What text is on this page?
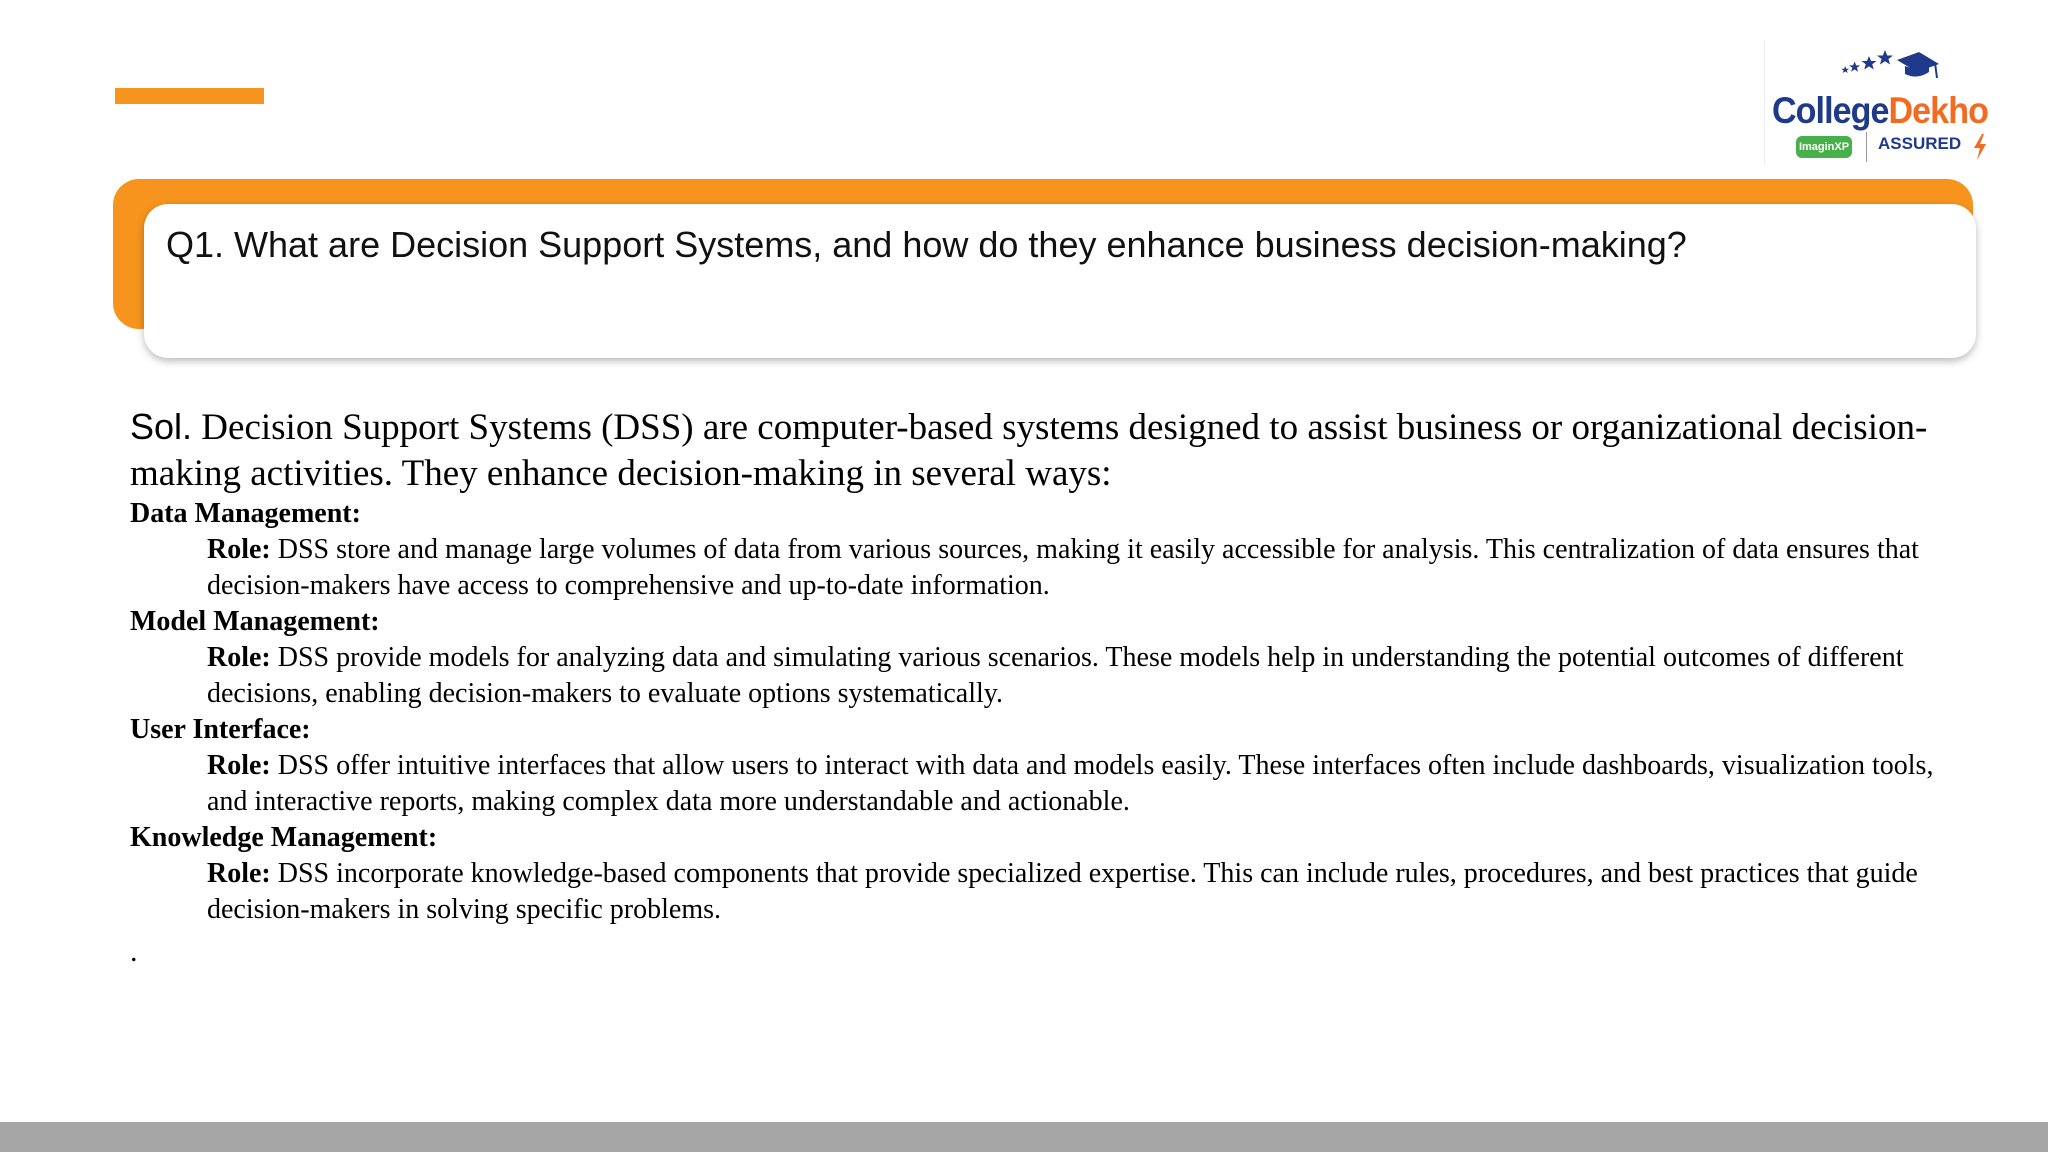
CollegeDekho
ImaginXP ASSURED
Q1. What are Decision Support Systems, and how do they enhance business decision-making?
Sol. Decision Support Systems (DSS) are computer-based systems designed to assist business or organizational decision-making activities. They enhance decision-making in several ways:
Data Management:
Role: DSS store and manage large volumes of data from various sources, making it easily accessible for analysis. This centralization of data ensures that decision-makers have access to comprehensive and up-to-date information.
Model Management:
Role: DSS provide models for analyzing data and simulating various scenarios. These models help in understanding the potential outcomes of different decisions, enabling decision-makers to evaluate options systematically.
User Interface:
Role: DSS offer intuitive interfaces that allow users to interact with data and models easily. These interfaces often include dashboards, visualization tools, and interactive reports, making complex data more understandable and actionable.
Knowledge Management:
Role: DSS incorporate knowledge-based components that provide specialized expertise. This can include rules, procedures, and best practices that guide decision-makers in solving specific problems.
.
